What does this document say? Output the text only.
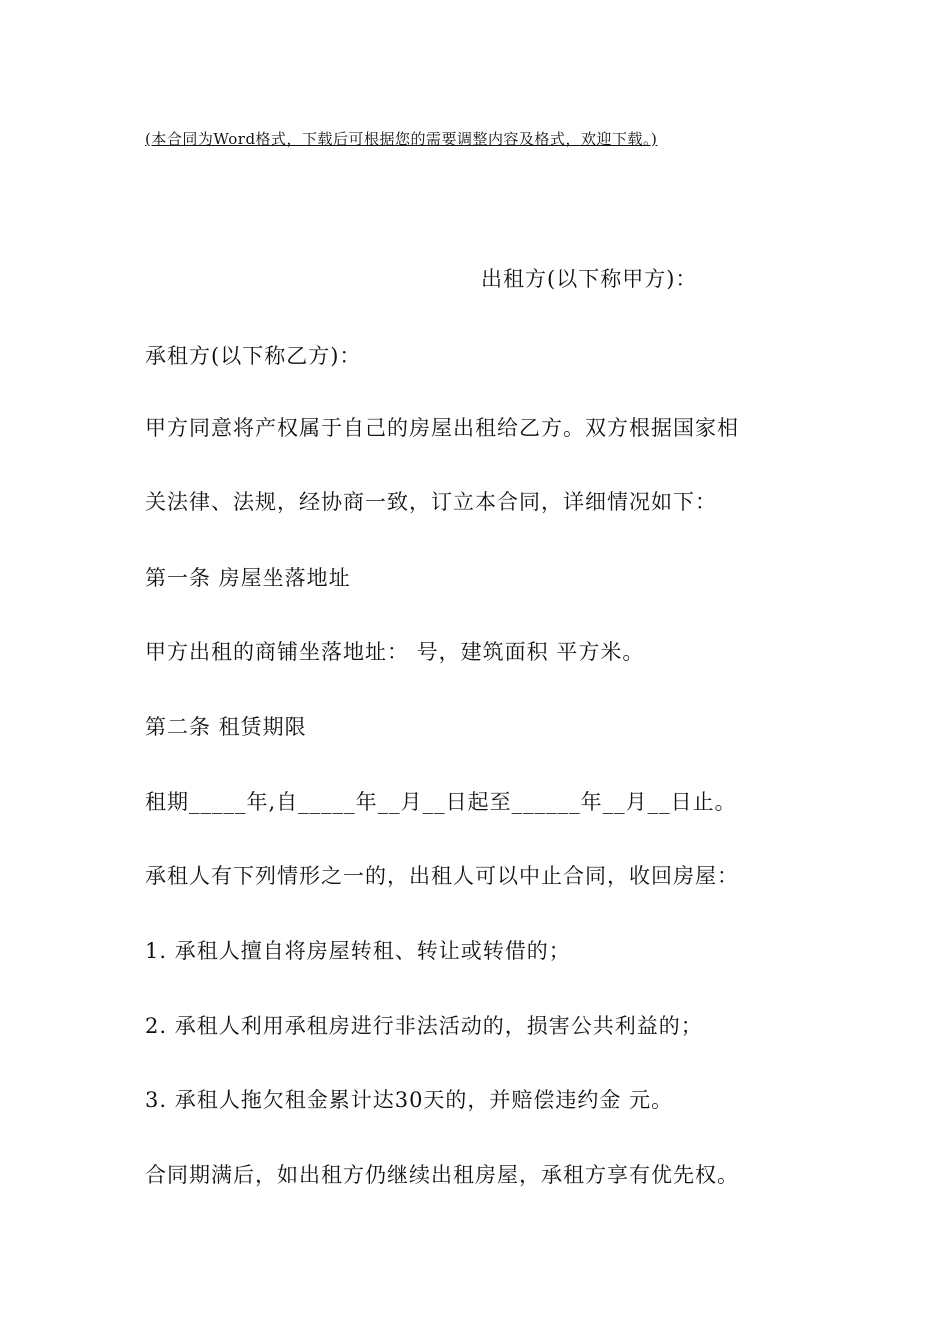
(本合同为Word格式，下载后可根据您的需要调整内容及格式，欢迎下载。)
出租方(以下称甲方)：
承租方(以下称乙方)：
甲方同意将产权属于自己的房屋出租给乙方。双方根据国家相
关法律、法规，经协商一致，订立本合同，详细情况如下：
第一条 房屋坐落地址
甲方出租的商铺坐落地址： 号，建筑面积 平方米。
第二条 租赁期限
租期_____年,自_____年__月__日起至______年__月__日止。
承租人有下列情形之一的，出租人可以中止合同，收回房屋：
1. 承租人擅自将房屋转租、转让或转借的；
2. 承租人利用承租房进行非法活动的，损害公共利益的；
3. 承租人拖欠租金累计达30天的，并赔偿违约金 元。
合同期满后，如出租方仍继续出租房屋，承租方享有优先权。
